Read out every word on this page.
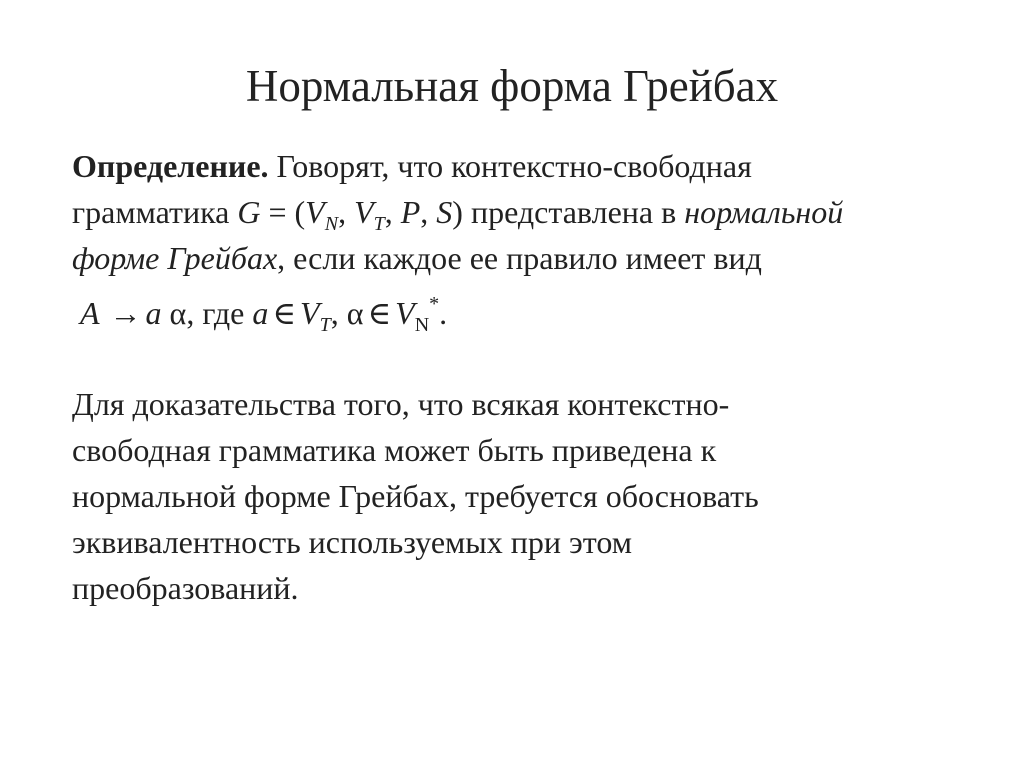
Нормальная форма Грейбах
Определение. Говорят, что контекстно-свободная
грамматика $G = (V_N$, $V_T$, P, S) представлена в нормальной
форме Грейбах, если каждое ее правило имеет вид
A → a α, где a ∈ $V_T$, α ∈ $V_N^*$.
Для доказательства того, что всякая контекстно-
свободная грамматика может быть приведена к
нормальной форме Грейбах, требуется обосновать
эквивалентность используемых при этом
преобразований.
